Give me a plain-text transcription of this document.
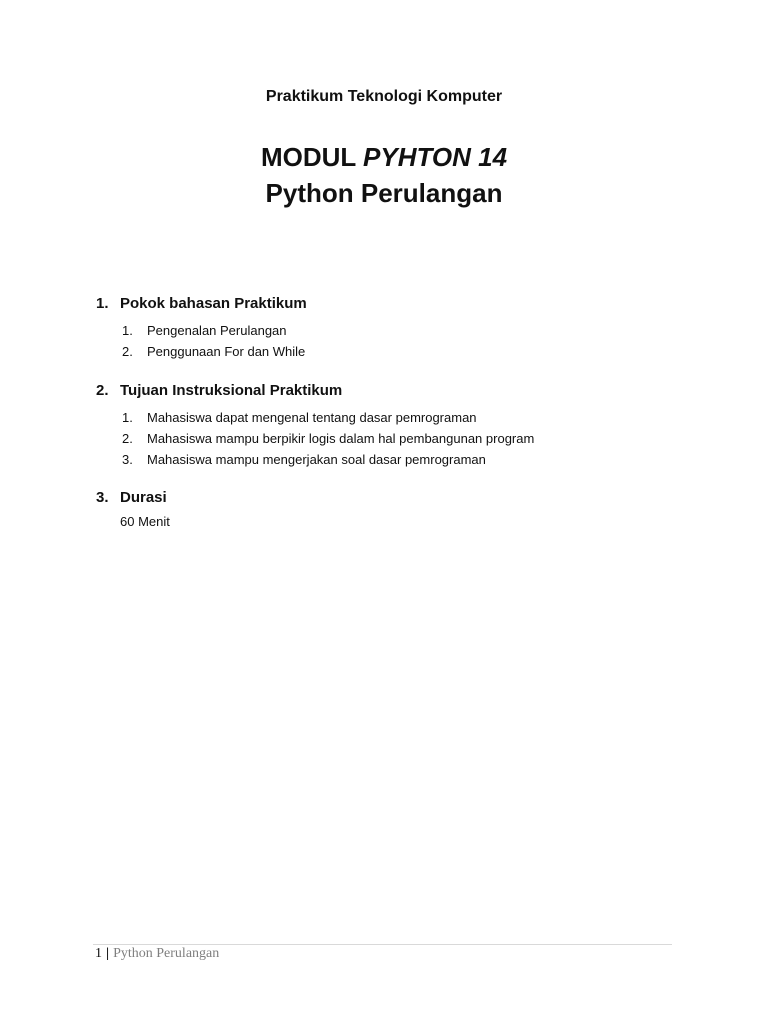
Praktikum Teknologi Komputer
MODUL PYHTON 14
Python Perulangan
1. Pokok bahasan Praktikum
1.	Pengenalan Perulangan
2.	Penggunaan For dan While
2. Tujuan Instruksional Praktikum
1.	Mahasiswa dapat mengenal tentang dasar pemrograman
2.	Mahasiswa mampu berpikir logis dalam hal pembangunan program
3.	Mahasiswa mampu mengerjakan soal dasar pemrograman
3. Durasi
60 Menit
1 | Python Perulangan
